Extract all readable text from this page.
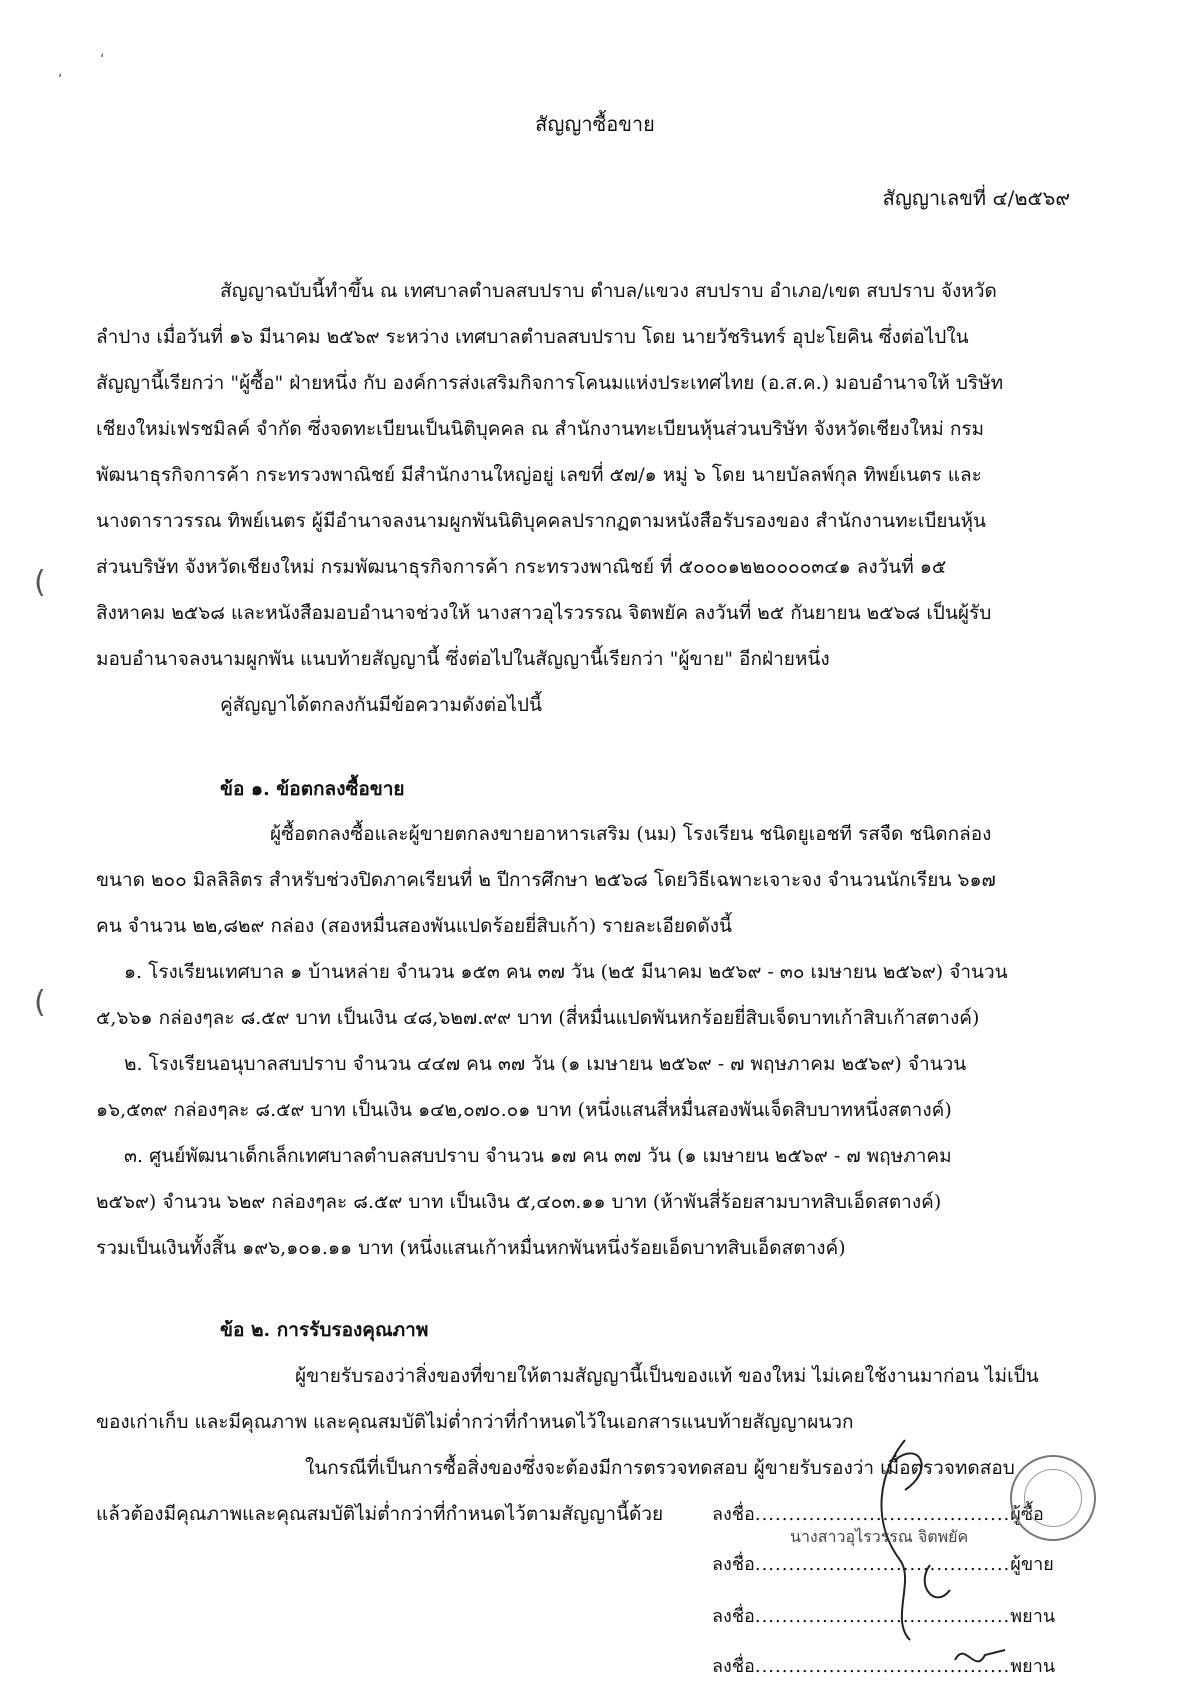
‘
‘
(
(
สัญญาซื้อขาย
สัญญาเลขที่ ๔/๒๕๖๙
สัญญาฉบับนี้ทำขึ้น ณ เทศบาลตำบลสบปราบ ตำบล/แขวง สบปราบ อำเภอ/เขต สบปราบ จังหวัด
ลำปาง เมื่อวันที่ ๑๖ มีนาคม ๒๕๖๙ ระหว่าง เทศบาลตำบลสบปราบ โดย นายวัชรินทร์ อุปะโยคิน ซึ่งต่อไปใน
สัญญานี้เรียกว่า "ผู้ซื้อ" ฝ่ายหนึ่ง กับ องค์การส่งเสริมกิจการโคนมแห่งประเทศไทย (อ.ส.ค.) มอบอำนาจให้ บริษัท
เชียงใหม่เฟรชมิลค์ จำกัด ซึ่งจดทะเบียนเป็นนิติบุคคล ณ สำนักงานทะเบียนหุ้นส่วนบริษัท จังหวัดเชียงใหม่ กรม
พัฒนาธุรกิจการค้า กระทรวงพาณิชย์ มีสำนักงานใหญ่อยู่ เลขที่ ๕๗/๑ หมู่ ๖ โดย นายบัลลพ์กุล ทิพย์เนตร และ
นางดาราวรรณ ทิพย์เนตร ผู้มีอำนาจลงนามผูกพันนิติบุคคลปรากฏตามหนังสือรับรองของ สำนักงานทะเบียนหุ้น
ส่วนบริษัท จังหวัดเชียงใหม่ กรมพัฒนาธุรกิจการค้า กระทรวงพาณิชย์ ที่ ๕๐๐๐๑๒๒๐๐๐๐๓๔๑ ลงวันที่ ๑๕
สิงหาคม ๒๕๖๘ และหนังสือมอบอำนาจช่วงให้ นางสาวอุไรวรรณ จิตพยัค ลงวันที่ ๒๕ กันยายน ๒๕๖๘ เป็นผู้รับ
มอบอำนาจลงนามผูกพัน แนบท้ายสัญญานี้ ซึ่งต่อไปในสัญญานี้เรียกว่า "ผู้ขาย" อีกฝ่ายหนึ่ง
คู่สัญญาได้ตกลงกันมีข้อความดังต่อไปนี้
ข้อ ๑. ข้อตกลงซื้อขาย
ผู้ซื้อตกลงซื้อและผู้ขายตกลงขายอาหารเสริม (นม) โรงเรียน ชนิดยูเอชที รสจืด ชนิดกล่อง
ขนาด ๒๐๐ มิลลิลิตร สำหรับช่วงปิดภาคเรียนที่ ๒ ปีการศึกษา ๒๕๖๘ โดยวิธีเฉพาะเจาะจง จำนวนนักเรียน ๖๑๗
คน จำนวน ๒๒,๘๒๙ กล่อง (สองหมื่นสองพันแปดร้อยยี่สิบเก้า) รายละเอียดดังนี้
๑. โรงเรียนเทศบาล ๑ บ้านหล่าย จำนวน ๑๕๓ คน ๓๗ วัน (๒๕ มีนาคม ๒๕๖๙ - ๓๐ เมษายน ๒๕๖๙) จำนวน
๕,๖๖๑ กล่องๆละ ๘.๕๙ บาท เป็นเงิน ๔๘,๖๒๗.๙๙ บาท (สี่หมื่นแปดพันหกร้อยยี่สิบเจ็ดบาทเก้าสิบเก้าสตางค์)
๒. โรงเรียนอนุบาลสบปราบ จำนวน ๔๔๗ คน ๓๗ วัน (๑ เมษายน ๒๕๖๙ - ๗ พฤษภาคม ๒๕๖๙) จำนวน
๑๖,๕๓๙ กล่องๆละ ๘.๕๙ บาท เป็นเงิน ๑๔๒,๐๗๐.๐๑ บาท (หนึ่งแสนสี่หมื่นสองพันเจ็ดสิบบาทหนึ่งสตางค์)
๓. ศูนย์พัฒนาเด็กเล็กเทศบาลตำบลสบปราบ จำนวน ๑๗ คน ๓๗ วัน (๑ เมษายน ๒๕๖๙ - ๗ พฤษภาคม
๒๕๖๙) จำนวน ๖๒๙ กล่องๆละ ๘.๕๙ บาท เป็นเงิน ๕,๔๐๓.๑๑ บาท (ห้าพันสี่ร้อยสามบาทสิบเอ็ดสตางค์)
รวมเป็นเงินทั้งสิ้น ๑๙๖,๑๐๑.๑๑ บาท (หนึ่งแสนเก้าหมื่นหกพันหนึ่งร้อยเอ็ดบาทสิบเอ็ดสตางค์)
ข้อ ๒. การรับรองคุณภาพ
ผู้ขายรับรองว่าสิ่งของที่ขายให้ตามสัญญานี้เป็นของแท้ ของใหม่ ไม่เคยใช้งานมาก่อน ไม่เป็น
ของเก่าเก็บ และมีคุณภาพ และคุณสมบัติไม่ต่ำกว่าที่กำหนดไว้ในเอกสารแนบท้ายสัญญาผนวก
ในกรณีที่เป็นการซื้อสิ่งของซึ่งจะต้องมีการตรวจทดสอบ ผู้ขายรับรองว่า เมื่อตรวจทดสอบ
แล้วต้องมีคุณภาพและคุณสมบัติไม่ต่ำกว่าที่กำหนดไว้ตามสัญญานี้ด้วย	ลงชื่อ......................................ผู้ซื้อ
ลงชื่อ......................................ผู้ขาย
นางสาวอุไรวรรณ จิตพยัค
ลงชื่อ......................................พยาน
ลงชื่อ......................................พยาน
